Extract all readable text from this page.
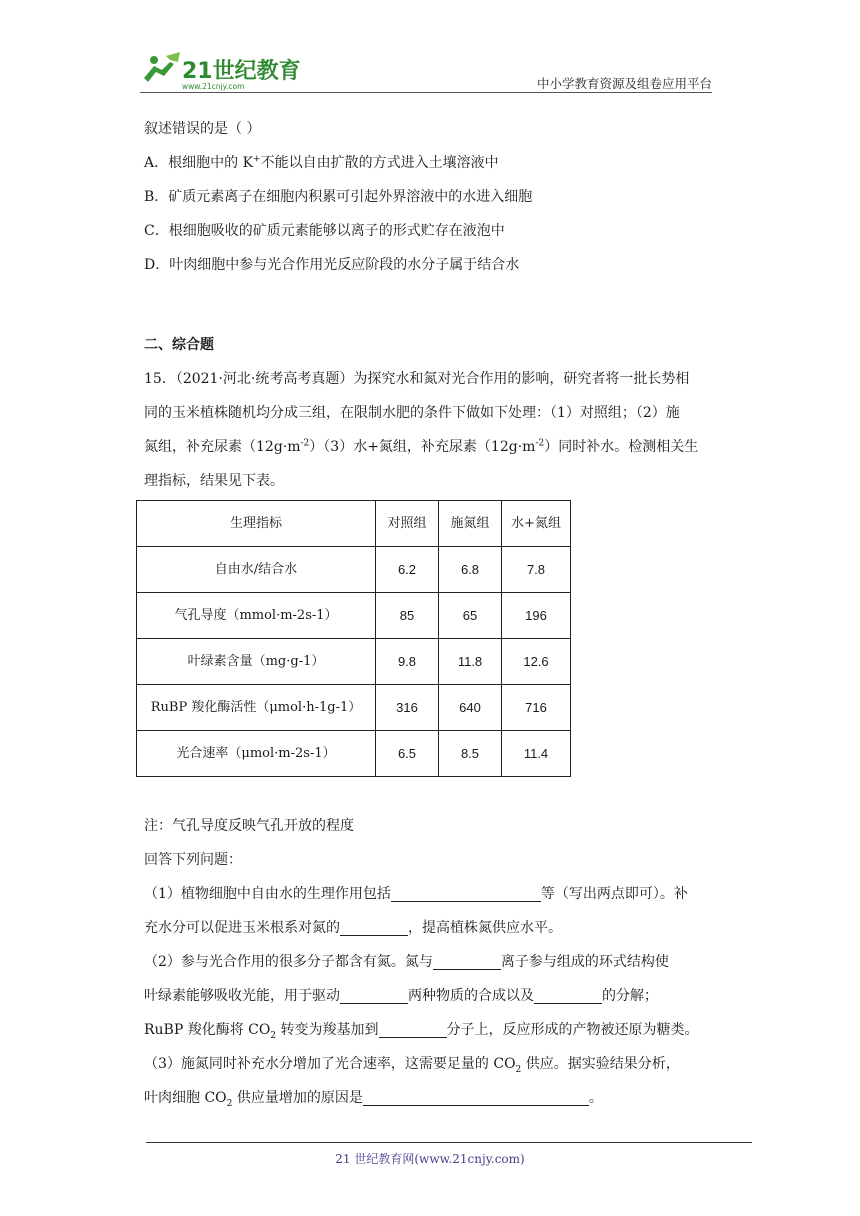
21世纪教育
www.21cnjy.com	中小学教育资源及组卷应用平台
叙述错误的是（ ）
A．根细胞中的 K+不能以自由扩散的方式进入土壤溶液中
B．矿质元素离子在细胞内积累可引起外界溶液中的水进入细胞
C．根细胞吸收的矿质元素能够以离子的形式贮存在液泡中
D．叶肉细胞中参与光合作用光反应阶段的水分子属于结合水
二、综合题
15．（2021·河北·统考高考真题）为探究水和氮对光合作用的影响，研究者将一批长势相
同的玉米植株随机均分成三组，在限制水肥的条件下做如下处理：（1）对照组；（2）施
氮组，补充尿素$(12g\cdot m^{-2})(3)$水+氮组，补充尿素$(12g\cdot m^{-2})$同时补水。检测相关生
理指标，结果见下表。
生理指标	对照组	施氮组	水+氮组
自由水/结合水	6.2	6.8	7.8
气孔导度（mmol·m-2s-1）	85	65	196
叶绿素含量（mg·g-1）	9.8	11.8	12.6
RuBP 羧化酶活性（μmol·h-1g-1）	316	640	716
光合速率（μmol·m-2s-1）	6.5	8.5	11.4
注：气孔导度反映气孔开放的程度
回答下列问题：
（1）植物细胞中自由水的生理作用包括	等（写出两点即可）。补
充水分可以促进玉米根系对氮的	，提高植株氮供应水平。
（2）参与光合作用的很多分子都含有氮。氮与	离子参与组成的环式结构使
叶绿素能够吸收光能，用于驱动	两种物质的合成以及	的分解；
RuBP 羧化酶将 $CO_2$ 转变为羧基加到	分子上，反应形成的产物被还原为糖类。
（3）施氮同时补充水分增加了光合速率，这需要足量的 $CO_2$ 供应。据实验结果分析，
叶肉细胞 $CO_2$ 供应量增加的原因是	。
21 世纪教育网(www.21cnjy.com)
